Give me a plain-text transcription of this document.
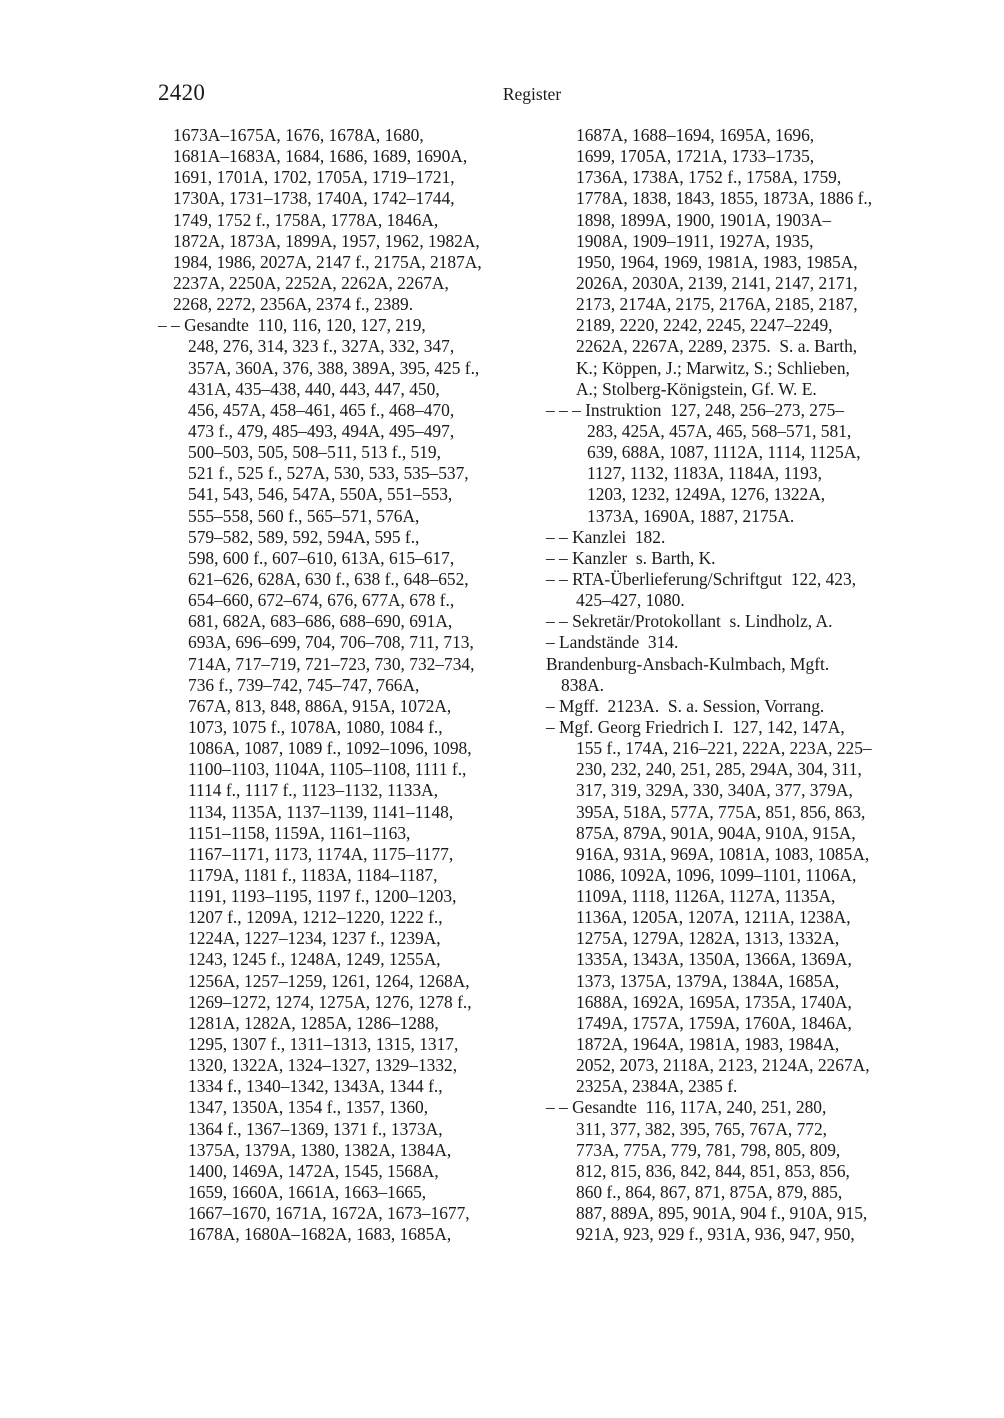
2420	Register
1673A–1675A, 1676, 1678A, 1680,
1681A–1683A, 1684, 1686, 1689, 1690A,
1691, 1701A, 1702, 1705A, 1719–1721,
1730A, 1731–1738, 1740A, 1742–1744,
1749, 1752 f., 1758A, 1778A, 1846A,
1872A, 1873A, 1899A, 1957, 1962, 1982A,
1984, 1986, 2027A, 2147 f., 2175A, 2187A,
2237A, 2250A, 2252A, 2262A, 2267A,
2268, 2272, 2356A, 2374 f., 2389.
– – Gesandte  110, 116, 120, 127, 219,
248, 276, 314, 323 f., 327A, 332, 347,
357A, 360A, 376, 388, 389A, 395, 425 f.,
431A, 435–438, 440, 443, 447, 450,
456, 457A, 458–461, 465 f., 468–470,
473 f., 479, 485–493, 494A, 495–497,
500–503, 505, 508–511, 513 f., 519,
521 f., 525 f., 527A, 530, 533, 535–537,
541, 543, 546, 547A, 550A, 551–553,
555–558, 560 f., 565–571, 576A,
579–582, 589, 592, 594A, 595 f.,
598, 600 f., 607–610, 613A, 615–617,
621–626, 628A, 630 f., 638 f., 648–652,
654–660, 672–674, 676, 677A, 678 f.,
681, 682A, 683–686, 688–690, 691A,
693A, 696–699, 704, 706–708, 711, 713,
714A, 717–719, 721–723, 730, 732–734,
736 f., 739–742, 745–747, 766A,
767A, 813, 848, 886A, 915A, 1072A,
1073, 1075 f., 1078A, 1080, 1084 f.,
1086A, 1087, 1089 f., 1092–1096, 1098,
1100–1103, 1104A, 1105–1108, 1111 f.,
1114 f., 1117 f., 1123–1132, 1133A,
1134, 1135A, 1137–1139, 1141–1148,
1151–1158, 1159A, 1161–1163,
1167–1171, 1173, 1174A, 1175–1177,
1179A, 1181 f., 1183A, 1184–1187,
1191, 1193–1195, 1197 f., 1200–1203,
1207 f., 1209A, 1212–1220, 1222 f.,
1224A, 1227–1234, 1237 f., 1239A,
1243, 1245 f., 1248A, 1249, 1255A,
1256A, 1257–1259, 1261, 1264, 1268A,
1269–1272, 1274, 1275A, 1276, 1278 f.,
1281A, 1282A, 1285A, 1286–1288,
1295, 1307 f., 1311–1313, 1315, 1317,
1320, 1322A, 1324–1327, 1329–1332,
1334 f., 1340–1342, 1343A, 1344 f.,
1347, 1350A, 1354 f., 1357, 1360,
1364 f., 1367–1369, 1371 f., 1373A,
1375A, 1379A, 1380, 1382A, 1384A,
1400, 1469A, 1472A, 1545, 1568A,
1659, 1660A, 1661A, 1663–1665,
1667–1670, 1671A, 1672A, 1673–1677,
1678A, 1680A–1682A, 1683, 1685A,
1687A, 1688–1694, 1695A, 1696,
1699, 1705A, 1721A, 1733–1735,
1736A, 1738A, 1752 f., 1758A, 1759,
1778A, 1838, 1843, 1855, 1873A, 1886 f.,
1898, 1899A, 1900, 1901A, 1903A–
1908A, 1909–1911, 1927A, 1935,
1950, 1964, 1969, 1981A, 1983, 1985A,
2026A, 2030A, 2139, 2141, 2147, 2171,
2173, 2174A, 2175, 2176A, 2185, 2187,
2189, 2220, 2242, 2245, 2247–2249,
2262A, 2267A, 2289, 2375.  S. a. Barth,
K.; Köppen, J.; Marwitz, S.; Schlieben,
A.; Stolberg-Königstein, Gf. W. E.
– – – Instruktion  127, 248, 256–273, 275–
283, 425A, 457A, 465, 568–571, 581,
639, 688A, 1087, 1112A, 1114, 1125A,
1127, 1132, 1183A, 1184A, 1193,
1203, 1232, 1249A, 1276, 1322A,
1373A, 1690A, 1887, 2175A.
– – Kanzlei  182.
– – Kanzler  s. Barth, K.
– – RTA-Überlieferung/Schriftgut  122, 423,
425–427, 1080.
– – Sekretär/Protokollant  s. Lindholz, A.
– Landstände  314.
Brandenburg-Ansbach-Kulmbach, Mgft.
838A.
– Mgff.  2123A.  S. a. Session, Vorrang.
– Mgf. Georg Friedrich I.  127, 142, 147A,
155 f., 174A, 216–221, 222A, 223A, 225–
230, 232, 240, 251, 285, 294A, 304, 311,
317, 319, 329A, 330, 340A, 377, 379A,
395A, 518A, 577A, 775A, 851, 856, 863,
875A, 879A, 901A, 904A, 910A, 915A,
916A, 931A, 969A, 1081A, 1083, 1085A,
1086, 1092A, 1096, 1099–1101, 1106A,
1109A, 1118, 1126A, 1127A, 1135A,
1136A, 1205A, 1207A, 1211A, 1238A,
1275A, 1279A, 1282A, 1313, 1332A,
1335A, 1343A, 1350A, 1366A, 1369A,
1373, 1375A, 1379A, 1384A, 1685A,
1688A, 1692A, 1695A, 1735A, 1740A,
1749A, 1757A, 1759A, 1760A, 1846A,
1872A, 1964A, 1981A, 1983, 1984A,
2052, 2073, 2118A, 2123, 2124A, 2267A,
2325A, 2384A, 2385 f.
– – Gesandte  116, 117A, 240, 251, 280,
311, 377, 382, 395, 765, 767A, 772,
773A, 775A, 779, 781, 798, 805, 809,
812, 815, 836, 842, 844, 851, 853, 856,
860 f., 864, 867, 871, 875A, 879, 885,
887, 889A, 895, 901A, 904 f., 910A, 915,
921A, 923, 929 f., 931A, 936, 947, 950,
